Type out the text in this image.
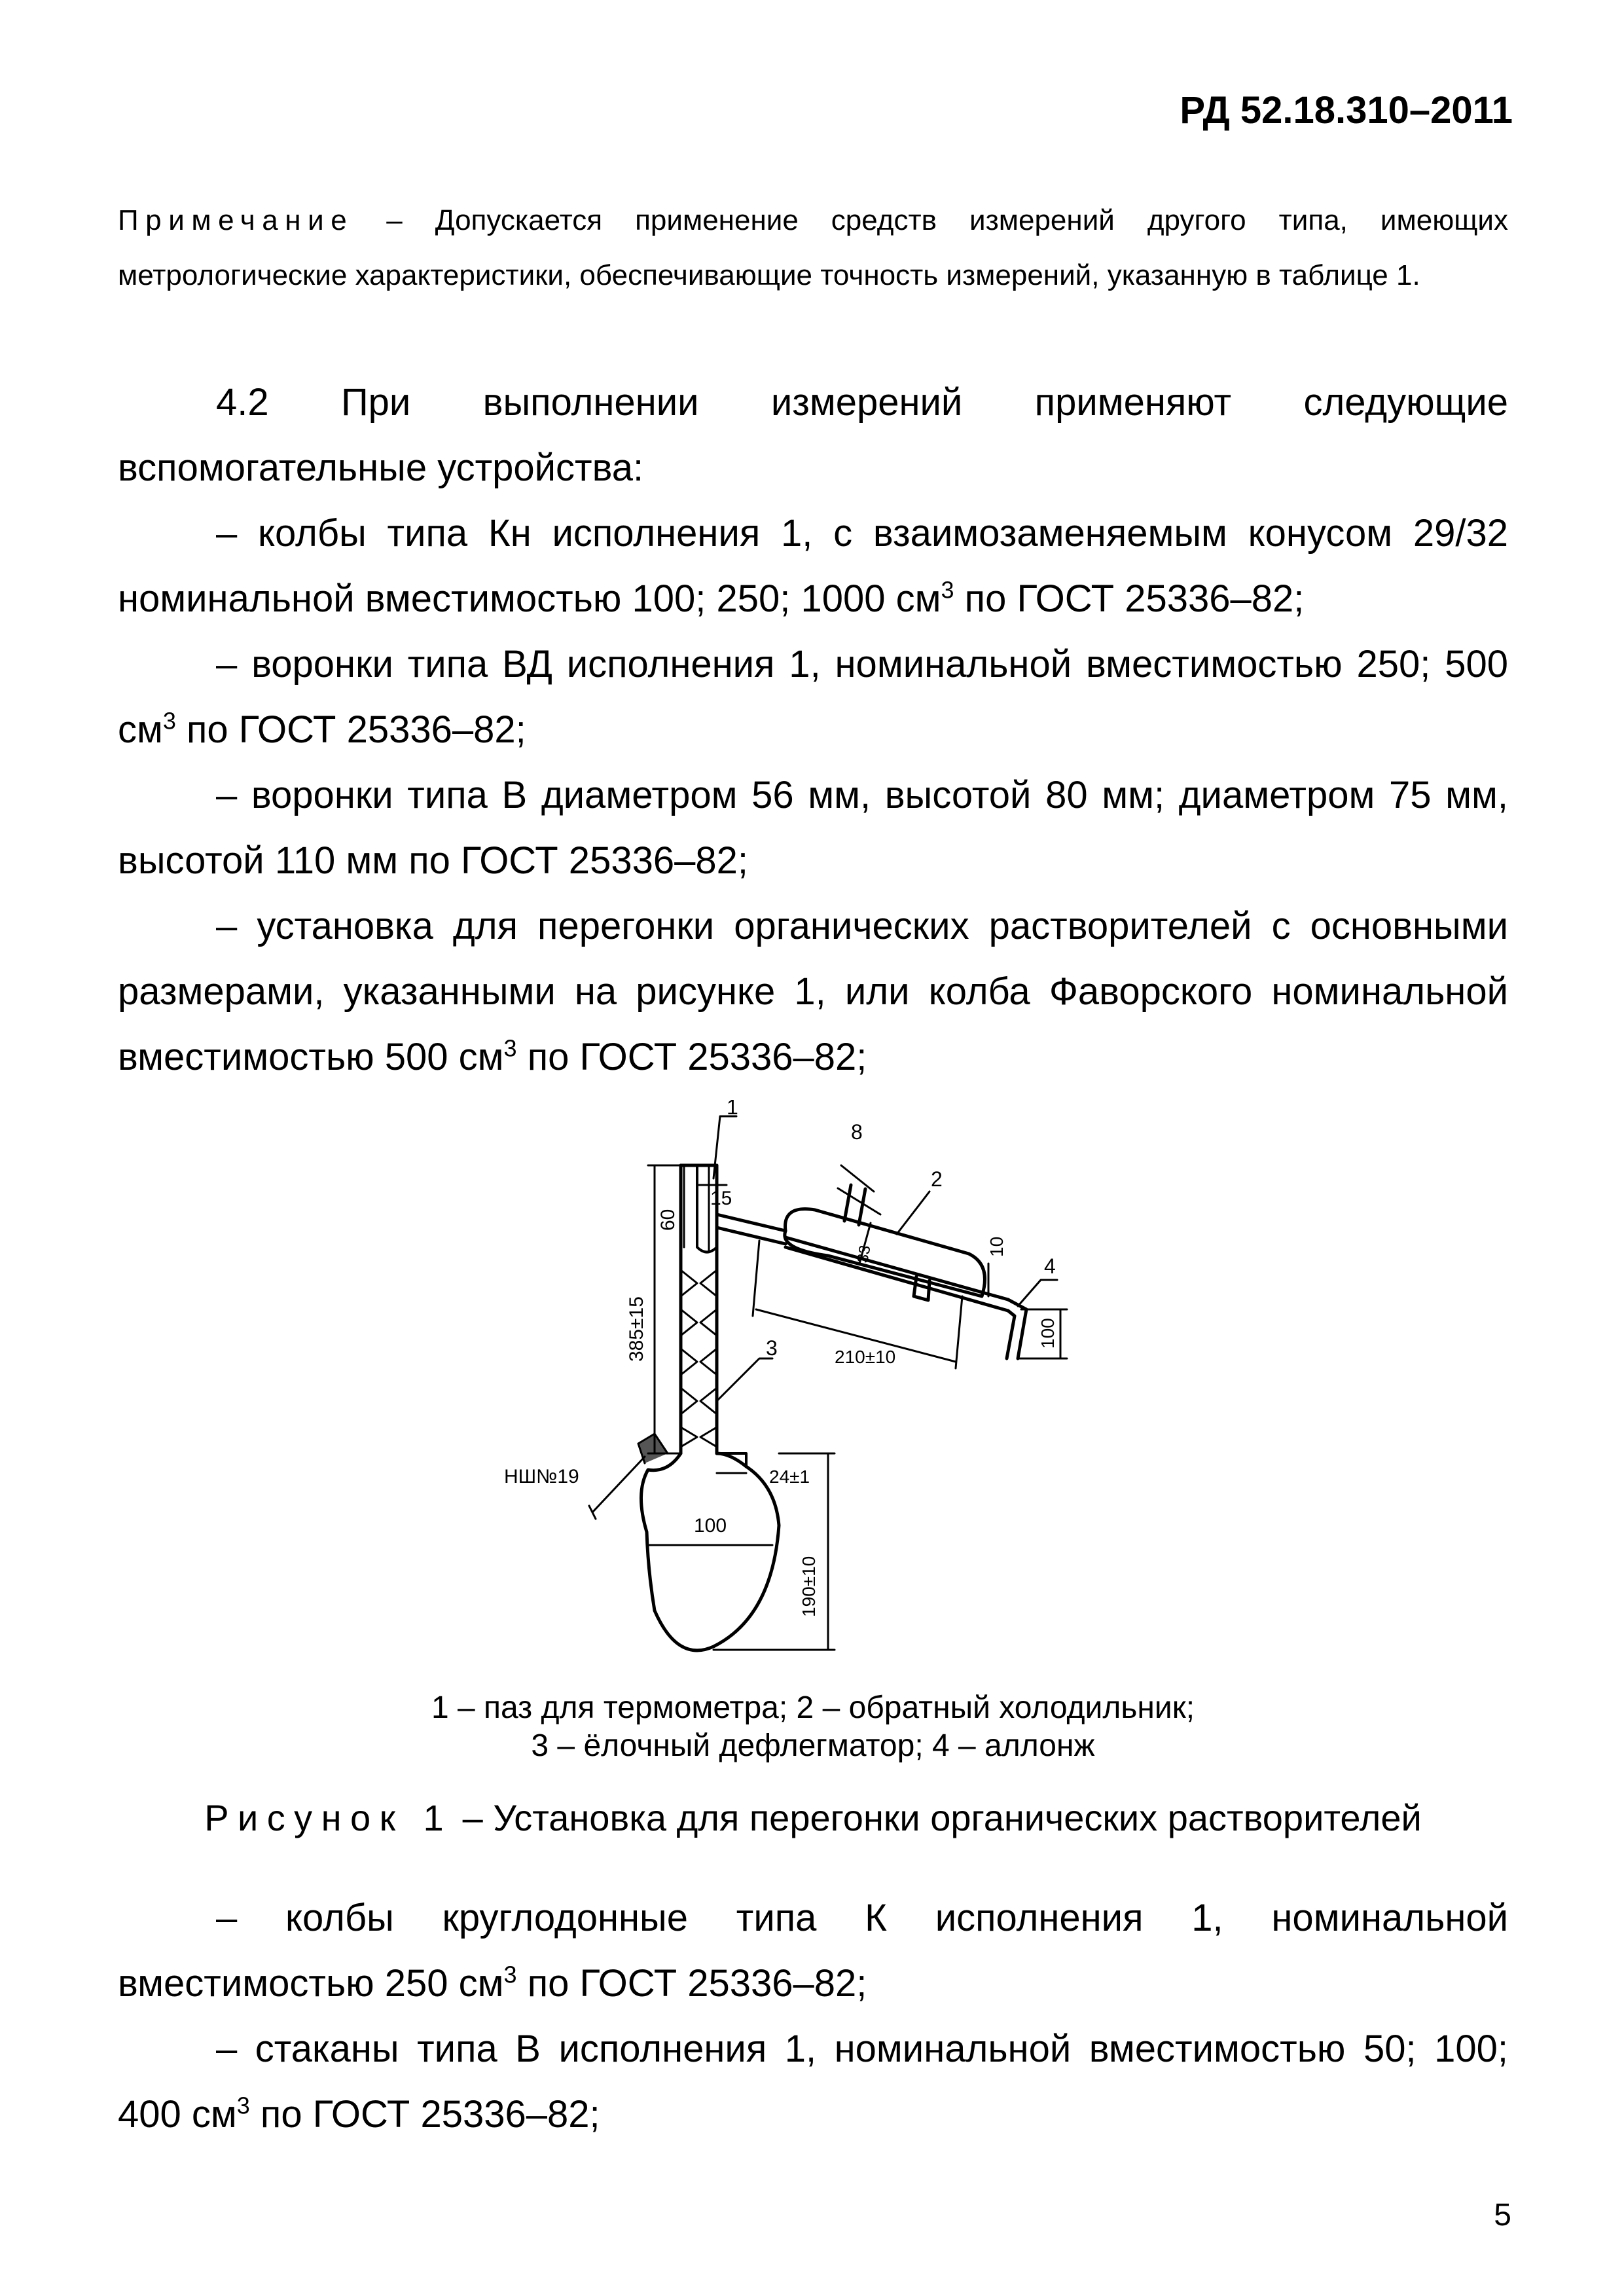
РД 52.18.310–2011

Примечание – Допускается применение средств измерений другого типа, имеющих метрологические характеристики, обеспечивающие точность измерений, указанную в таблице 1.

4.2 При выполнении измерений применяют следующие вспомогательные устройства:

– колбы типа Кн исполнения 1, с взаимозаменяемым конусом 29/32 номинальной вместимостью 100; 250; 1000 $см^3$ по ГОСТ 25336–82;

– воронки типа ВД исполнения 1, номинальной вместимостью 250; 500 $см^3$ по ГОСТ 25336–82;

– воронки типа В диаметром 56 мм, высотой 80 мм; диаметром 75 мм, высотой 110 мм по ГОСТ 25336–82;

– установка для перегонки органических растворителей с основными размерами, указанными на рисунке 1, или колба Фаворского номинальной вместимостью 500 $см^3$ по ГОСТ 25336–82;

1
8
2
15
60
385±15
33	10
4
210±10
100
3
НШ№19	24±1
100
190±10

1 – паз для термометра; 2 – обратный холодильник;
3 – ёлочный дефлегматор; 4 – аллонж

Рисунок 1 – Установка для перегонки органических растворителей

– колбы круглодонные типа К исполнения 1, номинальной вместимостью 250 $см^3$ по ГОСТ 25336–82;

– стаканы типа В исполнения 1, номинальной вместимостью 50; 100; 400 $см^3$ по ГОСТ 25336–82;

5
